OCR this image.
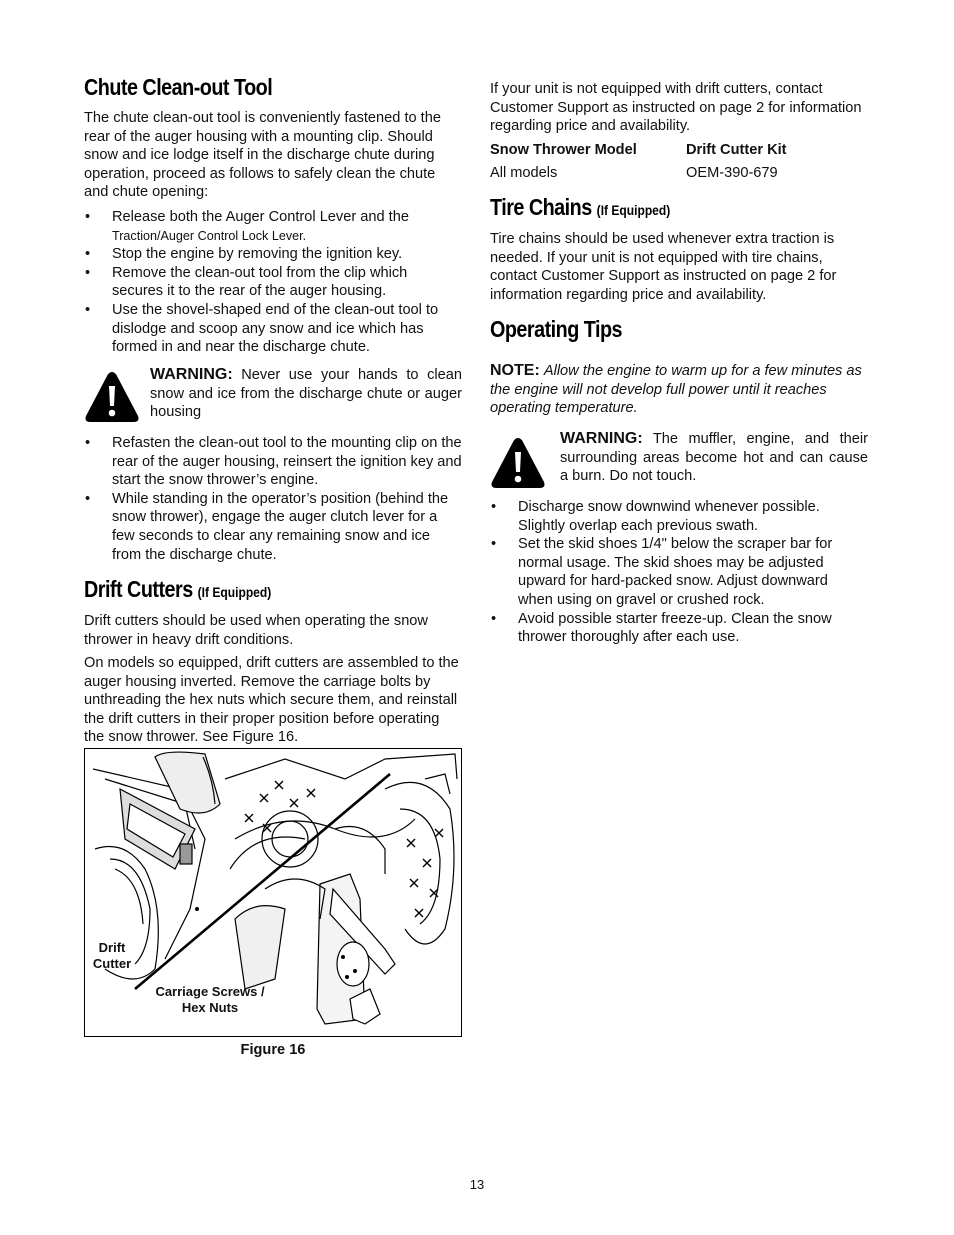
Chute Clean-out Tool

The chute clean-out tool is conveniently fastened to the rear of the auger housing with a mounting clip. Should snow and ice lodge itself in the discharge chute during operation, proceed as follows to safely clean the chute and chute opening:

• Release both the Auger Control Lever and the
Traction/Auger Control Lock Lever.
• Stop the engine by removing the ignition key.
• Remove the clean-out tool from the clip which secures it to the rear of the auger housing.
• Use the shovel-shaped end of the clean-out tool to dislodge and scoop any snow and ice which has formed in and near the discharge chute.
WARNING: Never use your hands to clean snow and ice from the discharge chute or auger housing
• Refasten the clean-out tool to the mounting clip on the rear of the auger housing, reinsert the ignition key and start the snow thrower’s engine.
• While standing in the operator’s position (behind the snow thrower), engage the auger clutch lever for a few seconds to clear any remaining snow and ice from the discharge chute.
Drift Cutters (If Equipped)

Drift cutters should be used when operating the snow thrower in heavy drift conditions.

On models so equipped, drift cutters are assembled to the auger housing inverted. Remove the carriage bolts by unthreading the hex nuts which secure them, and reinstall the drift cutters in their proper position before operating the snow thrower. See Figure 16.

Drift Cutter
Carriage Screws / Hex Nuts
Figure 16

If your unit is not equipped with drift cutters, contact Customer Support as instructed on page 2 for information regarding price and availability.

Snow Thrower Model	Drift Cutter Kit
All models	OEM-390-679
Tire Chains (If Equipped)

Tire chains should be used whenever extra traction is needed. If your unit is not equipped with tire chains, contact Customer Support as instructed on page 2 for information regarding price and availability.

Operating Tips

NOTE: Allow the engine to warm up for a few minutes as the engine will not develop full power until it reaches operating temperature.

WARNING: The muffler, engine, and their surrounding areas become hot and can cause a burn. Do not touch.
• Discharge snow downwind whenever possible. Slightly overlap each previous swath.
• Set the skid shoes 1/4" below the scraper bar for normal usage. The skid shoes may be adjusted upward for hard-packed snow. Adjust downward when using on gravel or crushed rock.
• Avoid possible starter freeze-up. Clean the snow thrower thoroughly after each use.
13
